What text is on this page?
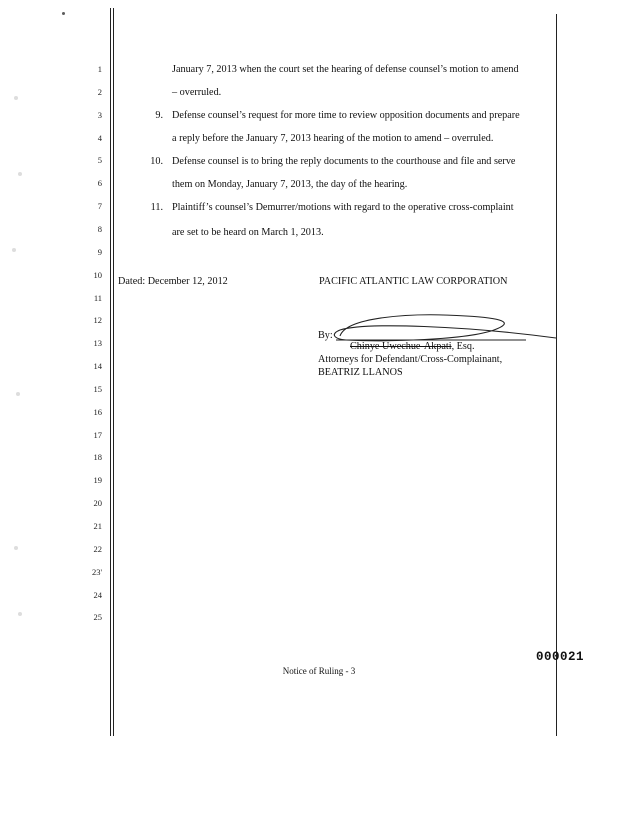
1
2
3
4
5
6
7
8
9
10
11
12
13
14
15
16
17
18
19
20
21
22
23'
24
25
January 7, 2013 when the court set the hearing of defense counsel’s motion to amend
– overruled.
9. Defense counsel’s request for more time to review opposition documents and prepare
a reply before the January 7, 2013 hearing of the motion to amend – overruled.
10. Defense counsel is to bring the reply documents to the courthouse and file and serve
them on Monday, January 7, 2013, the day of the hearing.
11. Plaintiff’s counsel’s Demurrer/motions with regard to the operative cross-complaint
are set to be heard on March 1, 2013.
Dated: December 12, 2012	PACIFIC ATLANTIC LAW CORPORATION
By:
Chinye Uwechue-Akpati, Esq.
Attorneys for Defendant/Cross-Complainant,
BEATRIZ LLANOS
000021
Notice of Ruling - 3
